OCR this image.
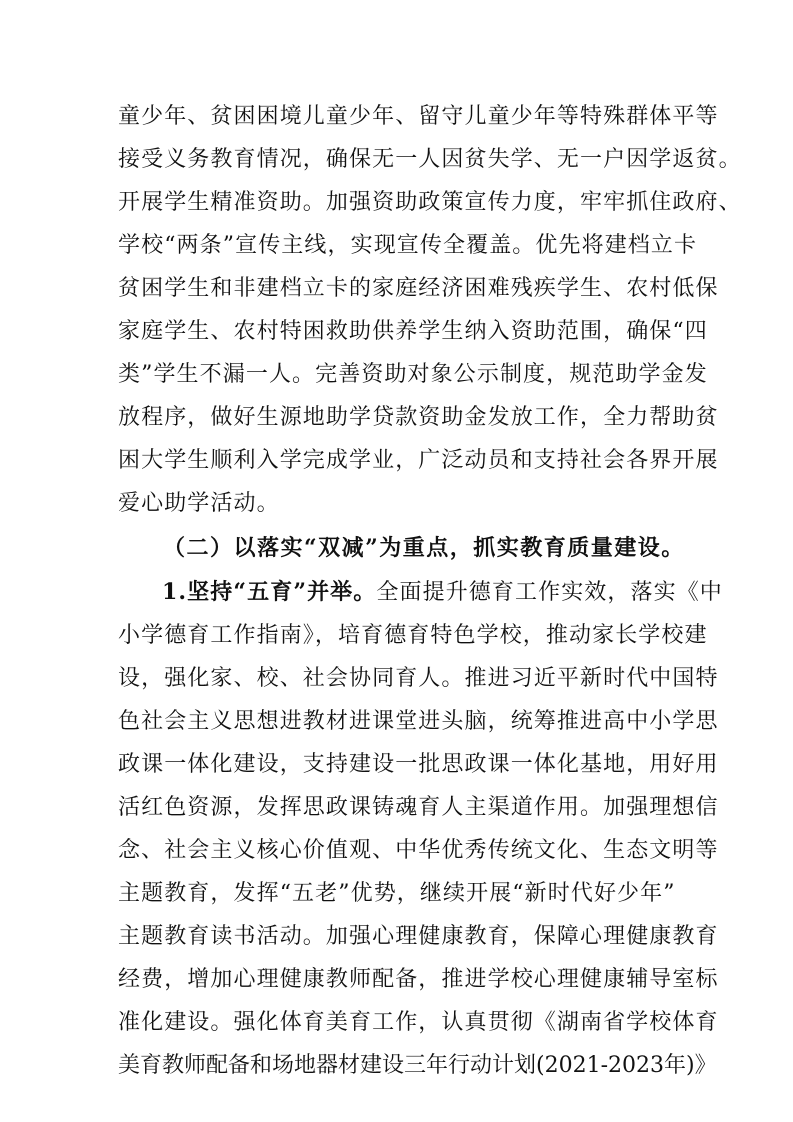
童少年、贫困困境儿童少年、留守儿童少年等特殊群体平等
接受义务教育情况，确保无一人因贫失学、无一户因学返贫。
开展学生精准资助。加强资助政策宣传力度，牢牢抓住政府、
学校“两条”宣传主线，实现宣传全覆盖。优先将建档立卡
贫困学生和非建档立卡的家庭经济困难残疾学生、农村低保
家庭学生、农村特困救助供养学生纳入资助范围，确保“四
类”学生不漏一人。完善资助对象公示制度，规范助学金发
放程序，做好生源地助学贷款资助金发放工作，全力帮助贫
困大学生顺利入学完成学业，广泛动员和支持社会各界开展
爱心助学活动。
（二）以落实“双减”为重点，抓实教育质量建设。
1.坚持“五育”并举。全面提升德育工作实效，落实《中
小学德育工作指南》，培育德育特色学校，推动家长学校建
设，强化家、校、社会协同育人。推进习近平新时代中国特
色社会主义思想进教材进课堂进头脑，统筹推进高中小学思
政课一体化建设，支持建设一批思政课一体化基地，用好用
活红色资源，发挥思政课铸魂育人主渠道作用。加强理想信
念、社会主义核心价值观、中华优秀传统文化、生态文明等
主题教育，发挥“五老”优势，继续开展“新时代好少年”
主题教育读书活动。加强心理健康教育，保障心理健康教育
经费，增加心理健康教师配备，推进学校心理健康辅导室标
准化建设。强化体育美育工作，认真贯彻《湖南省学校体育
美育教师配备和场地器材建设三年行动计划(2021-2023年)》
